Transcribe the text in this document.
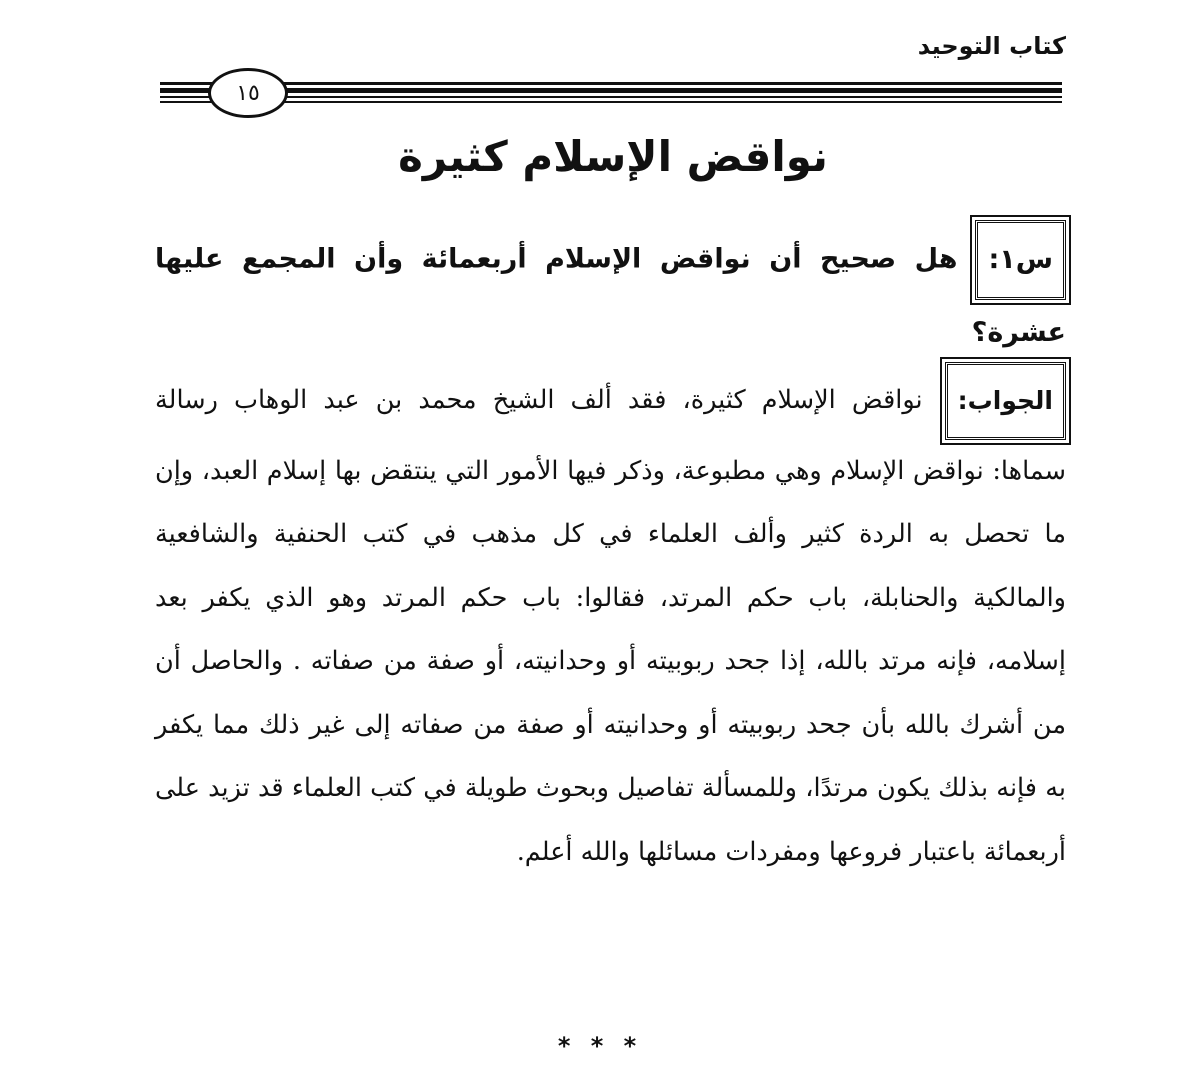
كتاب التوحيد
١٥
نواقض الإسلام كثيرة
س١:هل صحيح أن نواقض الإسلام أربعمائة وأن المجمع عليها عشرة؟
الجواب:نواقض الإسلام كثيرة، فقد ألف الشيخ محمد بن عبد الوهاب رسالة سماها: نواقض الإسلام وهي مطبوعة، وذكر فيها الأمور التي ينتقض بها إسلام العبد، وإن ما تحصل به الردة كثير وألف العلماء في كل مذهب في كتب الحنفية والشافعية والمالكية والحنابلة، باب حكم المرتد، فقالوا: باب حكم المرتد وهو الذي يكفر بعد إسلامه، فإنه مرتد بالله، إذا جحد ربوبيته أو وحدانيته، أو صفة من صفاته . والحاصل أن من أشرك بالله بأن جحد ربوبيته أو وحدانيته أو صفة من صفاته إلى غير ذلك مما يكفر به فإنه بذلك يكون مرتدًا، وللمسألة تفاصيل وبحوث طويلة في كتب العلماء قد تزيد على أربعمائة باعتبار فروعها ومفردات مسائلها والله أعلم.
* * *
